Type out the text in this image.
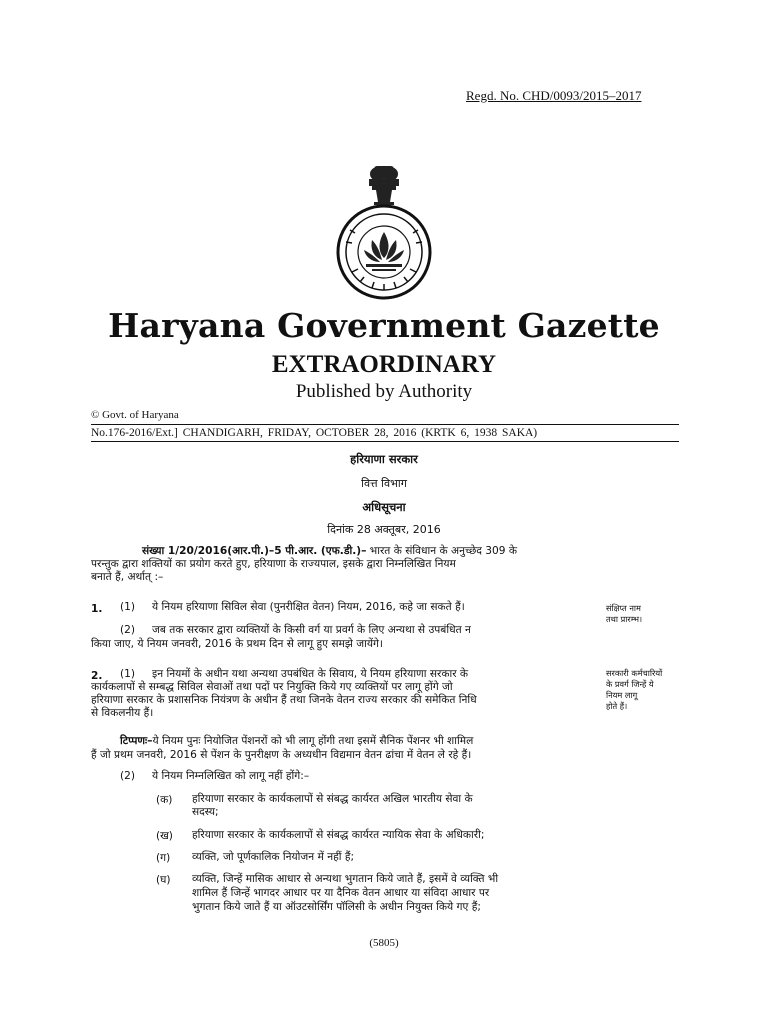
Regd. No. CHD/0093/2015–2017
Haryana Government Gazette
EXTRAORDINARY
Published by Authority
© Govt. of Haryana
No.176-2016/Ext.] CHANDIGARH, FRIDAY, OCTOBER 28, 2016 (KRTK 6, 1938 SAKA)
हरियाणा सरकार
वित्त विभाग
अधिसूचना
दिनांक 28 अक्तूबर, 2016
संख्या 1/20/2016(आर.पी.)–5 पी.आर. (एफ.डी.)– भारत के संविधान के अनुच्छेद 309 के
परन्तुक द्वारा शक्तियों का प्रयोग करते हुए, हरियाणा के राज्यपाल, इसके द्वारा निम्नलिखित नियम
बनाते हैं, अर्थात् :–
1. (1) ये नियम हरियाणा सिविल सेवा (पुनरीक्षित वेतन) नियम, 2016, कहे जा सकते हैं।
(2) जब तक सरकार द्वारा व्यक्तियों के किसी वर्ग या प्रवर्ग के लिए अन्यथा से उपबंधित न
किया जाए, ये नियम जनवरी, 2016 के प्रथम दिन से लागू हुए समझे जायेंगे।
संक्षिप्त नाम
तथा प्रारम्भ।
2. (1) इन नियमों के अधीन यथा अन्यथा उपबंधित के सिवाय, ये नियम हरियाणा सरकार के
कार्यकलापों से सम्बद्ध सिविल सेवाओं तथा पदों पर नियुक्ति किये गए व्यक्तियों पर लागू होंगे जो
हरियाणा सरकार के प्रशासनिक नियंत्रण के अधीन हैं तथा जिनके वेतन राज्य सरकार की समेकित निधि
से विकलनीय हैं।
सरकारी कर्मचारियों
के प्रवर्ग जिन्हें ये
नियम लागू
होते हैं।
टिप्पणः–ये नियम पुनः नियोजित पेंशनरों को भी लागू होंगी तथा इसमें सैनिक पेंशनर भी शामिल
हैं जो प्रथम जनवरी, 2016 से पेंशन के पुनरीक्षण के अध्यधीन विद्यमान वेतन ढांचा में वेतन ले रहे हैं।
(2) ये नियम निम्नलिखित को लागू नहीं होंगे:–
(क) हरियाणा सरकार के कार्यकलापों से संबद्ध कार्यरत अखिल भारतीय सेवा के
सदस्य;
(ख) हरियाणा सरकार के कार्यकलापों से संबद्ध कार्यरत न्यायिक सेवा के अधिकारी;
(ग) व्यक्ति, जो पूर्णकालिक नियोजन में नहीं हैं;
(घ) व्यक्ति, जिन्हें मासिक आधार से अन्यथा भुगतान किये जाते हैं, इसमें वे व्यक्ति भी
शामिल हैं जिन्हें भागदर आधार पर या दैनिक वेतन आधार या संविदा आधार पर
भुगतान किये जाते हैं या ऑउटसोर्सिंग पॉलिसी के अधीन नियुक्त किये गए हैं;
(5805)
